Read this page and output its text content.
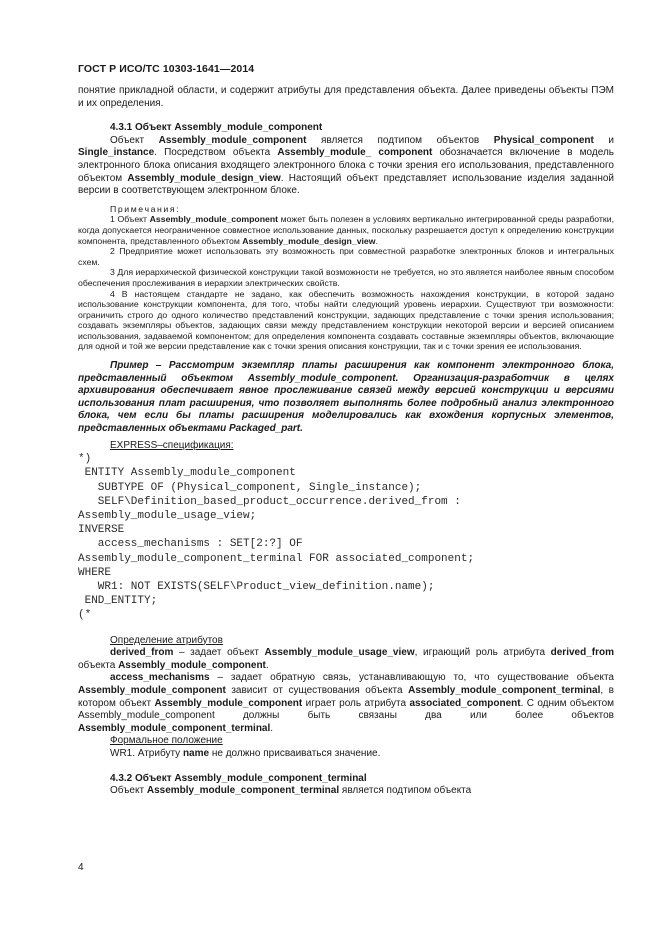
ГОСТ Р ИСО/ТС 10303-1641—2014

понятие прикладной области, и содержит атрибуты для представления объекта. Далее приведены объекты ПЭМ и их определения.

4.3.1 Объект Assembly_module_component

Объект Assembly_module_component является подтипом объектов Physical_component и Single_instance. Посредством объекта Assembly_module_ component обозначается включение в модель электронного блока описания входящего электронного блока с точки зрения его использования, представленного объектом Assembly_module_design_view. Настоящий объект представляет использование изделия заданной версии в соответствующем электронном блоке.

Примечания:

1 Объект Assembly_module_component может быть полезен в условиях вертикально интегрированной среды разработки, когда допускается неограниченное совместное использование данных, поскольку разрешается доступ к определению конструкции компонента, представленного объектом Assembly_module_design_view.

2 Предприятие может использовать эту возможность при совместной разработке электронных блоков и интегральных схем.

3 Для иерархической физической конструкции такой возможности не требуется, но это является наиболее явным способом обеспечения прослеживания в иерархии электрических свойств.

4 В настоящем стандарте не задано, как обеспечить возможность нахождения конструкции, в которой задано использование конструкции компонента, для того, чтобы найти следующий уровень иерархии. Существуют три возможности: ограничить строго до одного количество представлений конструкции, задающих представление с точки зрения использования; создавать экземпляры объектов, задающих связи между представлением конструкции некоторой версии и версией описанием использования, задаваемой компонентом; для определения компонента создавать составные экземпляры объектов, включающие для одной и той же версии представление как с точки зрения описания конструкции, так и с точки зрения ее использования.

Пример – Рассмотрим экземпляр платы расширения как компонент электронного блока, представленный объектом Assembly_module_component. Организация-разработчик в целях архивирования обеспечивает явное прослеживание связей между версией конструкции и версиями использования плат расширения, что позволяет выполнять более подробный анализ электронного блока, чем если бы платы расширения моделировались как вхождения корпусных элементов, представленных объектами Packaged_part.

EXPRESS–спецификация:

*)
ENTITY Assembly_module_component
SUBTYPE OF (Physical_component, Single_instance);
SELF\Definition_based_product_occurrence.derived_from :
Assembly_module_usage_view;
INVERSE
access_mechanisms : SET[2:?] OF
Assembly_module_component_terminal FOR associated_component;
WHERE
WR1: NOT EXISTS(SELF\Product_view_definition.name);
END_ENTITY;
(*

Определение атрибутов

derived_from – задает объект Assembly_module_usage_view, играющий роль атрибута derived_from объекта Assembly_module_component.

access_mechanisms – задает обратную связь, устанавливающую то, что существование объекта Assembly_module_component зависит от существования объекта Assembly_module_component_terminal, в котором объект Assembly_module_component играет роль атрибута associated_component. С одним объектом Assembly_module_component должны быть связаны два или более объектов Assembly_module_component_terminal.

Формальное положение

WR1. Атрибуту name не должно присваиваться значение.

4.3.2 Объект Assembly_module_component_terminal

Объект Assembly_module_component_terminal является подтипом объекта

4
